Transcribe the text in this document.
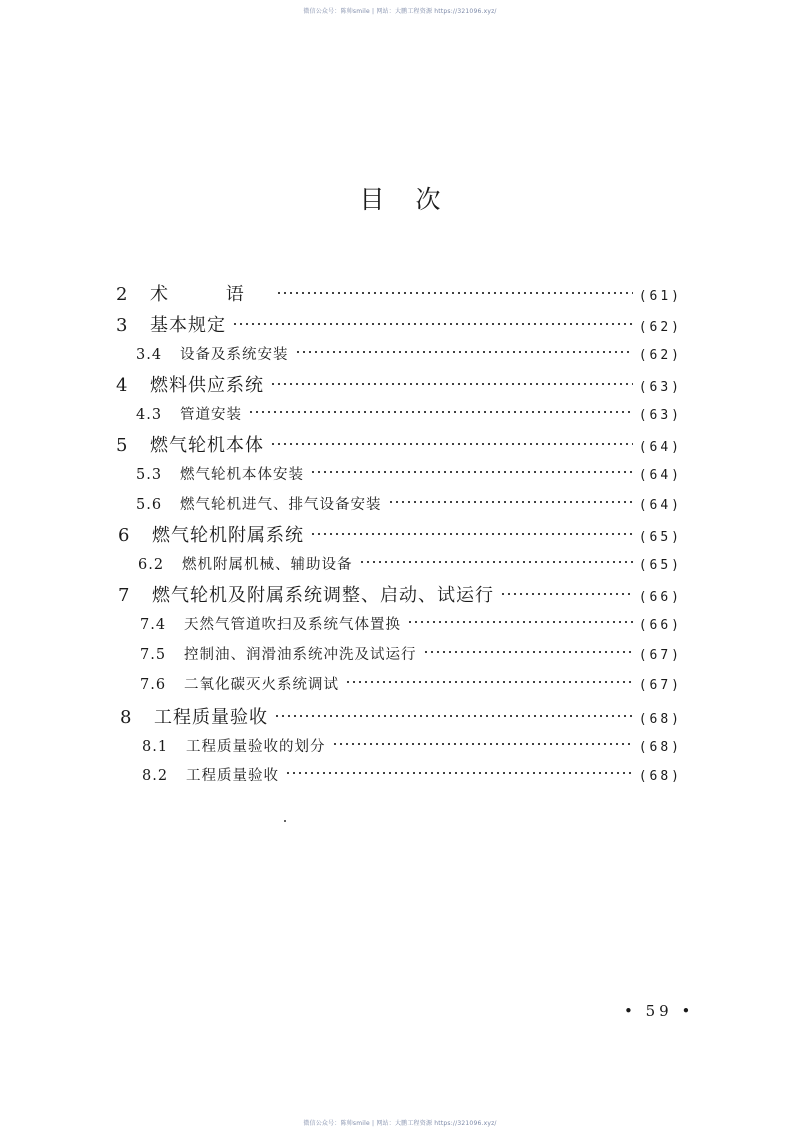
微信公众号：陈帅smile | 网站：大鹏工程资源 https://321096.xyz/
目 次
2	术 语	(61)
3	基本规定	(62)
3.4	设备及系统安装	(62)
4	燃料供应系统	(63)
4.3	管道安装	(63)
5	燃气轮机本体	(64)
5.3	燃气轮机本体安装	(64)
5.6	燃气轮机进气、排气设备安装	(64)
6	燃气轮机附属系统	(65)
6.2	燃机附属机械、辅助设备	(65)
7	燃气轮机及附属系统调整、启动、试运行	(66)
7.4	天然气管道吹扫及系统气体置换	(66)
7.5	控制油、润滑油系统冲洗及试运行	(67)
7.6	二氧化碳灭火系统调试	(67)
8	工程质量验收	(68)
8.1	工程质量验收的划分	(68)
8.2	工程质量验收	(68)
• 59 •
微信公众号：陈帅smile | 网站：大鹏工程资源 https://321096.xyz/
